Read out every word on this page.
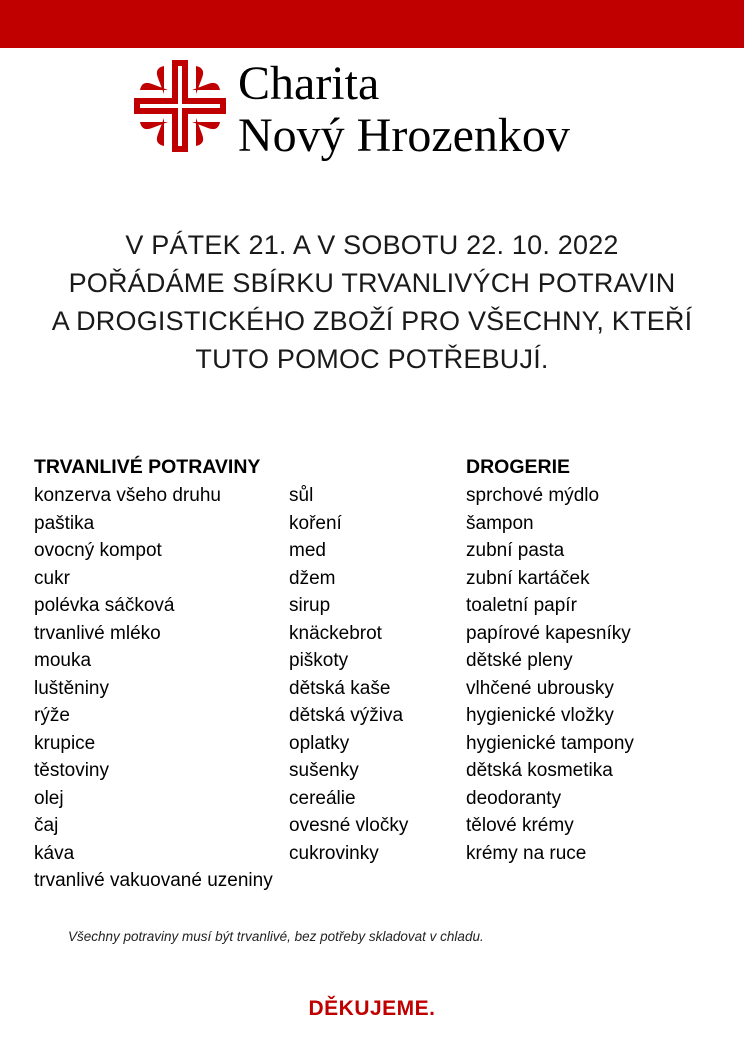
Charita
Nový Hrozenkov
V PÁTEK 21. A V SOBOTU 22. 10. 2022
POŘÁDÁME SBÍRKU TRVANLIVÝCH POTRAVIN
A DROGISTICKÉHO ZBOŽÍ PRO VŠECHNY, KTEŘÍ
TUTO POMOC POTŘEBUJÍ.
TRVANLIVÉ POTRAVINY
konzerva všeho druhu
paštika
ovocný kompot
cukr
polévka sáčková
trvanlivé mléko
mouka
luštěniny
rýže
krupice
těstoviny
olej
čaj
káva
trvanlivé vakuované uzeniny
sůl
koření
med
džem
sirup
knäckebrot
piškoty
dětská kaše
dětská výživa
oplatky
sušenky
cereálie
ovesné vločky
cukrovinky
DROGERIE
sprchové mýdlo
šampon
zubní pasta
zubní kartáček
toaletní papír
papírové kapesníky
dětské pleny
vlhčené ubrousky
hygienické vložky
hygienické tampony
dětská kosmetika
deodoranty
tělové krémy
krémy na ruce
Všechny potraviny musí být trvanlivé, bez potřeby skladovat v chladu.
DĚKUJEME.
